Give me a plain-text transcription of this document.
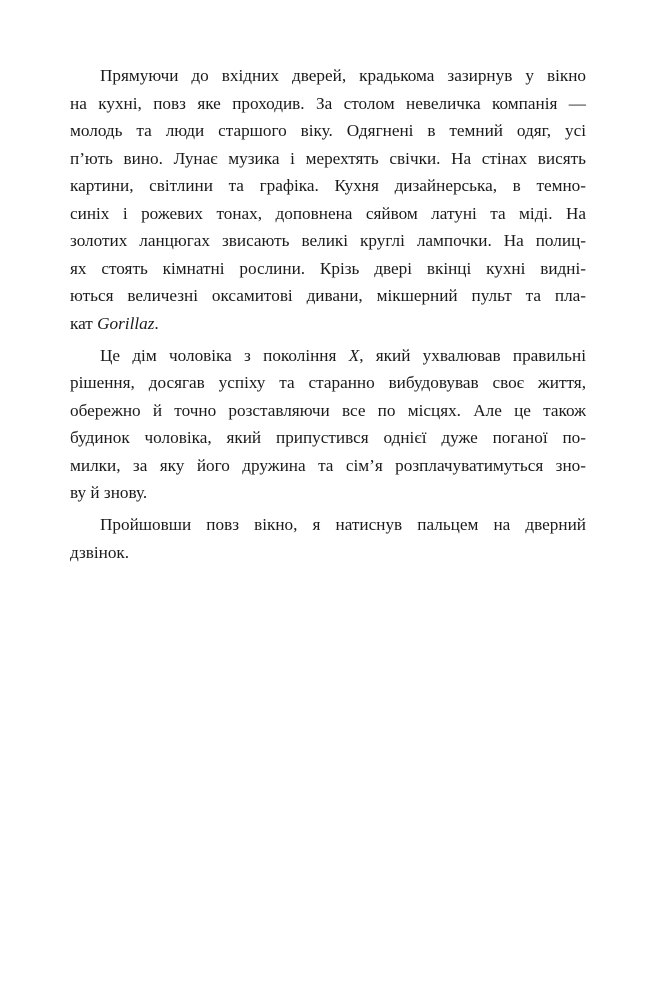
Прямуючи до вхідних дверей, крадькома зазирнув у вікно
на кухні, повз яке проходив. За столом невеличка компанія —
молодь та люди старшого віку. Одягнені в темний одяг, усі
п’ють вино. Лунає музика і мерехтять свічки. На стінах висять
картини, світлини та графіка. Кухня дизайнерська, в темно-
синіх і рожевих тонах, доповнена сяйвом латуні та міді. На
золотих ланцюгах звисають великі круглі лампочки. На полиц-
ях стоять кімнатні рослини. Крізь двері вкінці кухні видні-
ються величезні оксамитові дивани, мікшерний пульт та пла-
кат Gorillaz.
Це дім чоловіка з покоління X, який ухвалював правильні
рішення, досягав успіху та старанно вибудовував своє життя,
обережно й точно розставляючи все по місцях. Але це також
будинок чоловіка, який припустився однієї дуже поганої по-
милки, за яку його дружина та сім’я розплачуватимуться зно-
ву й знову.
Пройшовши повз вікно, я натиснув пальцем на дверний
дзвінок.
